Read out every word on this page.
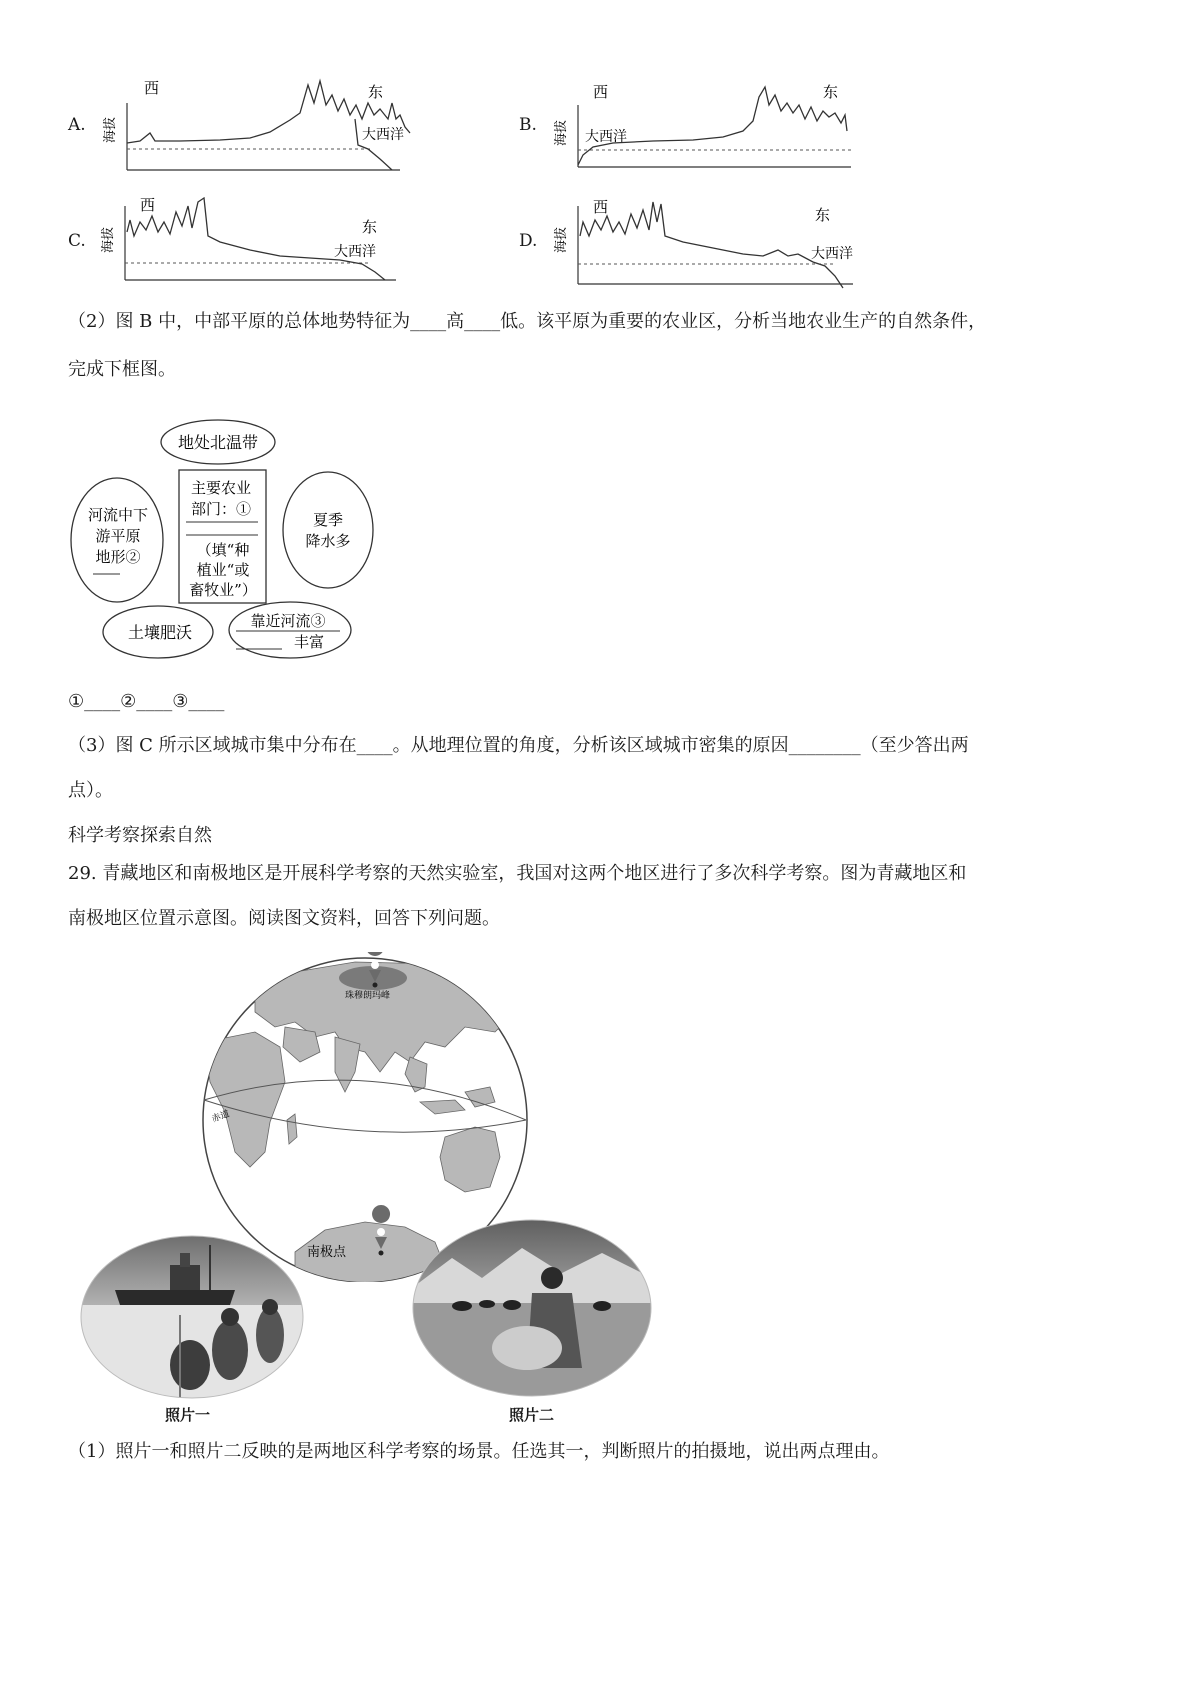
A. 海拔
西	东
大西洋	B. 海拔
西	东
大西洋
C. 海拔
西
东
大西洋
D. 海拔
西	东
大西洋
（2）图 B 中，中部平原的总体地势特征为____高____低。该平原为重要的农业区，分析当地农业生产的自然条件，
完成下框图。
地处北温带
主要农业
部门：①
（填“种
植业“或
畜牧业”）
河流中下
游平原
地形②
夏季
降水多
土壤肥沃
靠近河流③
丰富
①____②____③____
（3）图 C 所示区域城市集中分布在____。从地理位置的角度，分析该区域城市密集的原因________（至少答出两
点）。
科学考察探索自然
29. 青藏地区和南极地区是开展科学考察的天然实验室，我国对这两个地区进行了多次科学考察。图为青藏地区和
南极地区位置示意图。阅读图文资料，回答下列问题。
赤道
珠穆朗玛峰
南极点
照片一	照片二
（1）照片一和照片二反映的是两地区科学考察的场景。任选其一，判断照片的拍摄地，说出两点理由。
